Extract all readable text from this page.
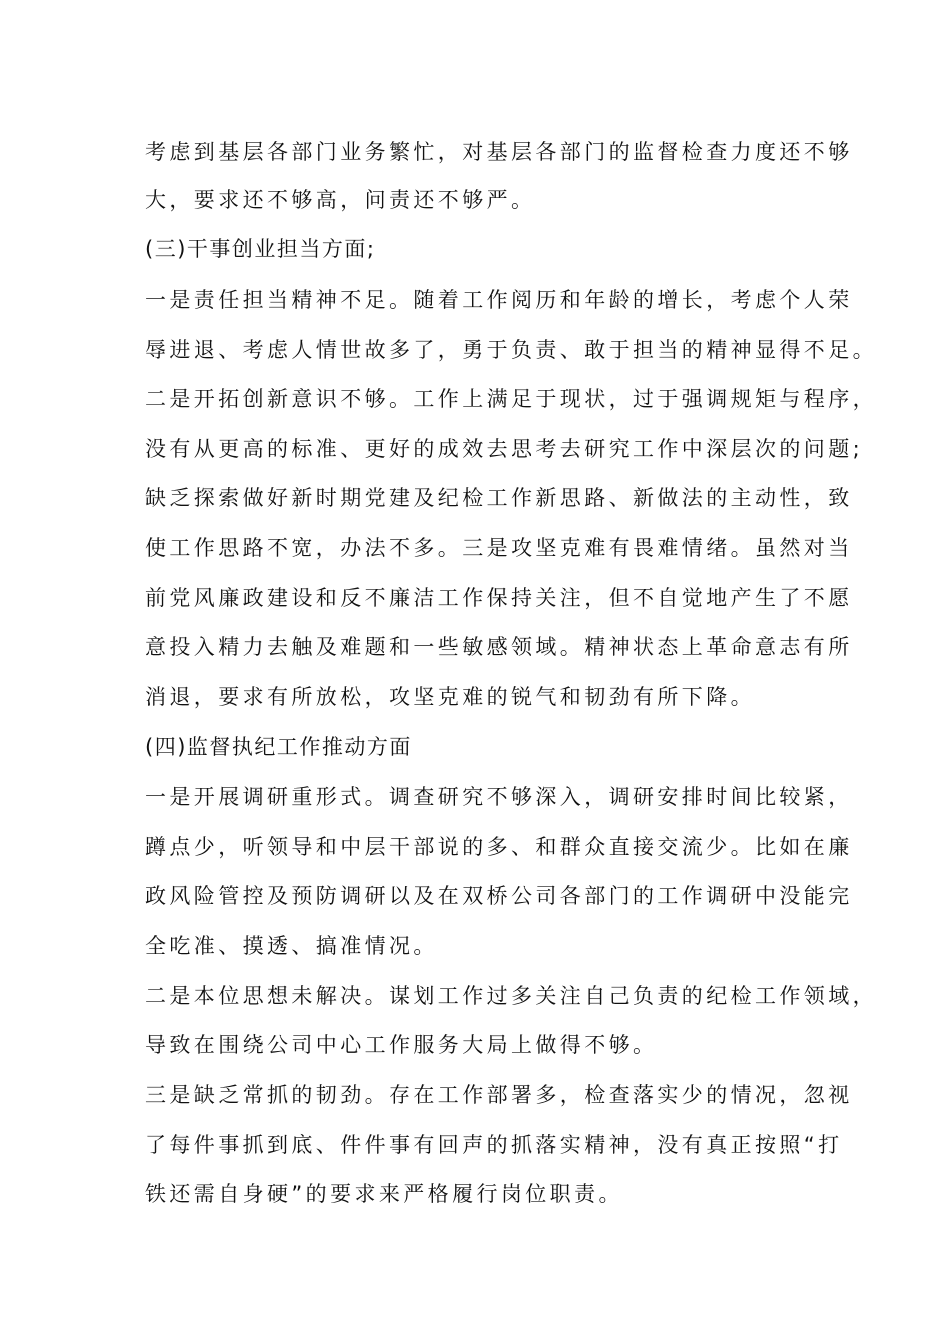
考虑到基层各部门业务繁忙，对基层各部门的监督检查力度还不够
大，要求还不够高，问责还不够严。
(三)干事创业担当方面;
一是责任担当精神不足。随着工作阅历和年龄的增长，考虑个人荣
辱进退、考虑人情世故多了，勇于负责、敢于担当的精神显得不足。
二是开拓创新意识不够。工作上满足于现状，过于强调规矩与程序，
没有从更高的标准、更好的成效去思考去研究工作中深层次的问题;
缺乏探索做好新时期党建及纪检工作新思路、新做法的主动性，致
使工作思路不宽，办法不多。三是攻坚克难有畏难情绪。虽然对当
前党风廉政建设和反不廉洁工作保持关注，但不自觉地产生了不愿
意投入精力去触及难题和一些敏感领域。精神状态上革命意志有所
消退，要求有所放松，攻坚克难的锐气和韧劲有所下降。
(四)监督执纪工作推动方面
一是开展调研重形式。调查研究不够深入，调研安排时间比较紧，
蹲点少，听领导和中层干部说的多、和群众直接交流少。比如在廉
政风险管控及预防调研以及在双桥公司各部门的工作调研中没能完
全吃准、摸透、搞准情况。
二是本位思想未解决。谋划工作过多关注自己负责的纪检工作领域，
导致在围绕公司中心工作服务大局上做得不够。
三是缺乏常抓的韧劲。存在工作部署多，检查落实少的情况，忽视
了每件事抓到底、件件事有回声的抓落实精神，没有真正按照“打
铁还需自身硬”的要求来严格履行岗位职责。
